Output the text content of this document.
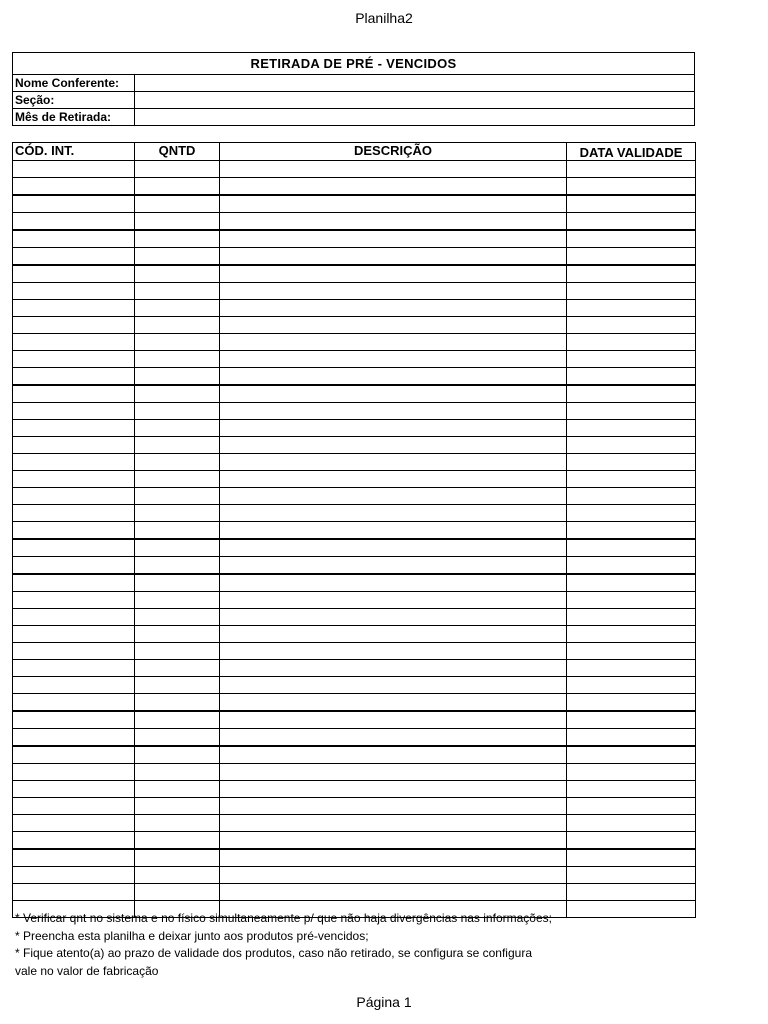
Planilha2
RETIRADA DE PRÉ - VENCIDOS	
Nome Conferente:	
Seção:	
Mês de Retirada:	
CÓD. INT.	QNTD	DESCRIÇÃO	DATA VALIDADE

* Verificar qnt no sistema e no físico simultaneamente p/ que não haja divergências nas informações;
* Preencha esta planilha e deixar junto aos produtos pré-vencidos;
* Fique atento(a) ao prazo de validade dos produtos, caso não retirado, se configura se configura
vale no valor de fabricação
Página 1
